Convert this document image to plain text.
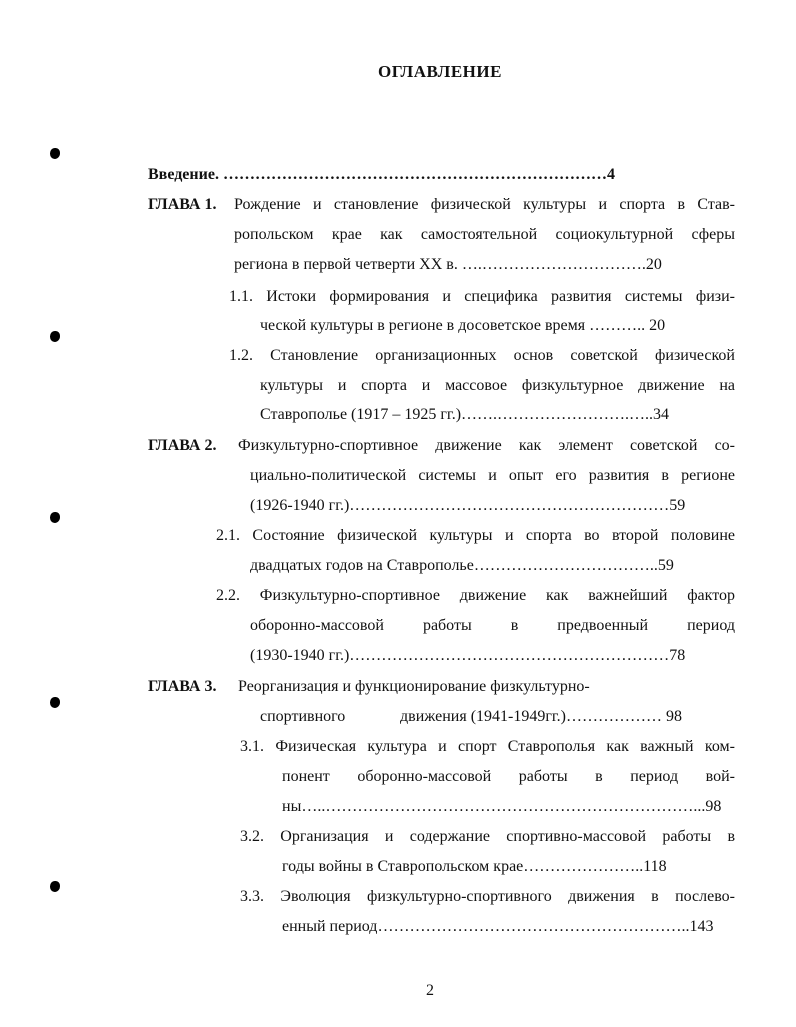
ОГЛАВЛЕНИЕ
Введение. ………………………………………………………………4
ГЛАВА 1. Рождение и становление физической культуры и спорта в Став-
ропольском крае как самостоятельной социокультурной сферы
региона в первой четверти ХХ в. ….………………………….20
1.1. Истоки формирования и специфика развития системы физи-
ческой культуры в регионе в досоветское время ……….. 20
1.2. Становление организационных основ советской физической
культуры и спорта и массовое физкультурное движение на
Ставрополье (1917 – 1925 гг.)…….…………………….…..34
ГЛАВА 2. Физкультурно-спортивное движение как элемент советской со-
циально-политической системы и опыт его развития в регионе
(1926-1940 гг.)……………………………………………………59
2.1. Состояние физической культуры и спорта во второй половине
двадцатых годов на Ставрополье……………………………..59
2.2. Физкультурно-спортивное движение как важнейший фактор
оборонно-массовой работы в предвоенный период
(1930-1940 гг.)……………………………………………………78
ГЛАВА 3. Реорганизация и функционирование физкультурно-
спортивного	движения (1941-1949гг.)……………… 98
3.1. Физическая культура и спорт Ставрополья как важный ком-
понент оборонно-массовой работы в период вой-
ны…..……………………………………………………………...98
3.2. Организация и содержание спортивно-массовой работы в
годы войны в Ставропольском крае…………………..118
3.3. Эволюция физкультурно-спортивного движения в послево-
енный период…………………………………………………..143
2
